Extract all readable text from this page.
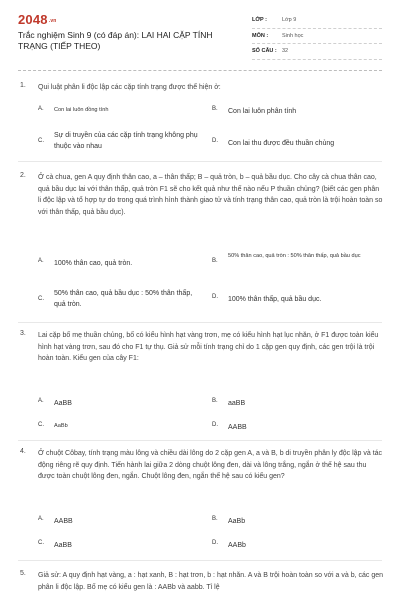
2048.vn
Trắc nghiệm Sinh 9 (có đáp án): LAI HAI CẶP TÍNH TRẠNG (TIẾP THEO)
LỚP :	Lớp 9
MÔN :	Sinh học
SỐ CÂU : 32
1. Qui luật phân li độc lập các cặp tính trạng được thể hiện ở:
A. Con lai luôn đồng tính	B. Con lai luôn phân tính
C.
Sự di truyền của các cặp tính trạng không phụ thuộc vào nhau
D. Con lai thu được đều thuần chủng
2. Ở cà chua, gen A quy định thân cao, a – thân thấp; B – quả tròn, b – quả bầu dục. Cho cây cà chua thân cao, quả bầu dục lai với thân thấp, quả tròn F1 sẽ cho kết quả như thế nào nếu P thuần chủng? (biết các gen phân li độc lập và tổ hợp tự do trong quá trình hình thành giao tử và tính trạng thân cao, quả tròn là trội hoàn toàn so với thân thấp, quả bầu dục).
A. 100% thân cao, quả tròn.	B.
50% thân cao, quả tròn : 50% thân thấp, quả bầu dục
C.
50% thân cao, quả bầu dục : 50% thân thấp, quả tròn.
D. 100% thân thấp, quả bầu dục.
3. Lai cặp bố mẹ thuần chủng, bố có kiểu hình hạt vàng trơn, mẹ có kiểu hình hạt lục nhăn, ở F1 được toàn kiểu hình hạt vàng trơn, sau đó cho F1 tự thụ. Giả sử mỗi tính trạng chỉ do 1 cặp gen quy định, các gen trội là trội hoàn toàn. Kiểu gen của cây F1:
A. AaBB	B. aaBB
C. AaBb	D. AABB
4. Ở chuột Côbay, tính trạng màu lông và chiều dài lông do 2 cặp gen A, a và B, b di truyền phân ly độc lập và tác động riêng rẽ quy định. Tiến hành lai giữa 2 dòng chuột lông đen, dài và lông trắng, ngắn ở thế hệ sau thu được toàn chuột lông đen, ngắn. Chuột lông đen, ngắn thế hệ sau có kiểu gen?
A. AABB	B. AaBb
C. AaBB	D. AABb
5. Giả sử: A quy định hạt vàng, a : hạt xanh, B : hạt trơn, b : hạt nhăn. A và B trội hoàn toàn so với a và b, các gen phân li độc lập. Bố mẹ có kiểu gen là : AABb và aabb. Tỉ lệ
